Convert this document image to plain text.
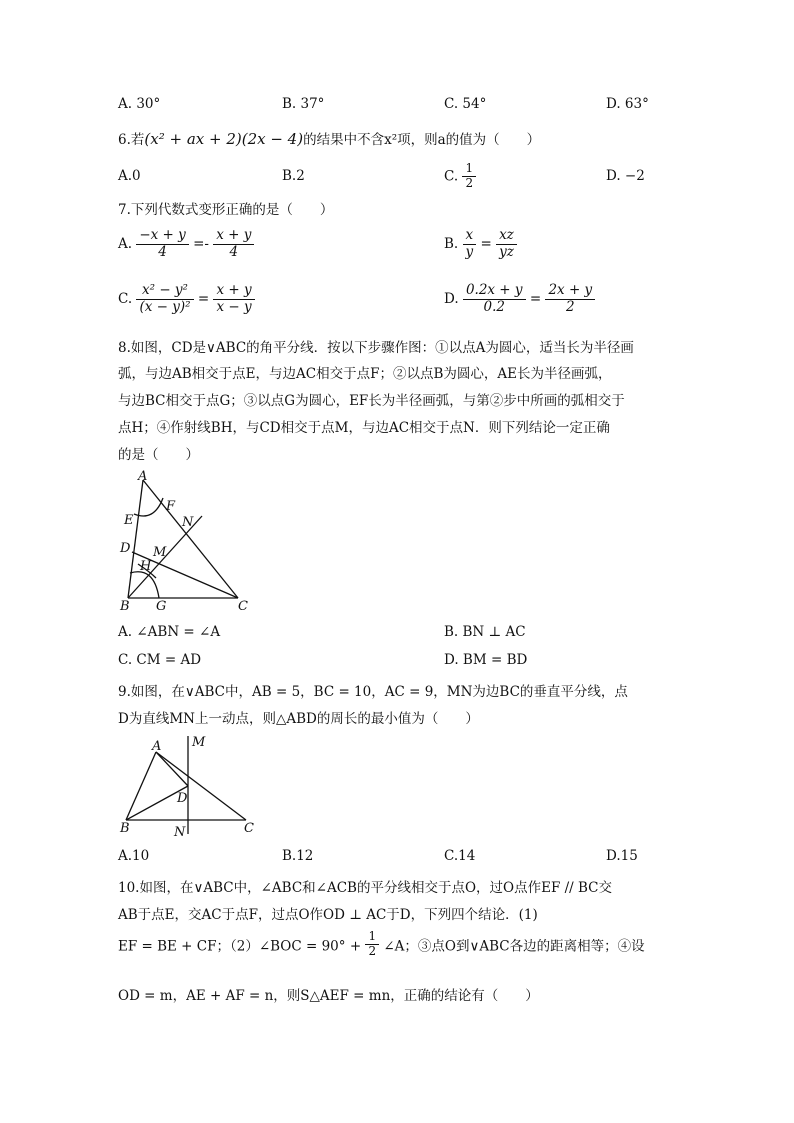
A. 30°	B. 37°	C. 54°	D. 63°
6.若(x² + ax + 2)(2x − 4)的结果中不含x²项，则a的值为（　　）
A.0	B.2	C. $\frac{1}{2}$	D. −2
7.下列代数式变形正确的是（　　）
A. $\frac{-x + y}{4} =- \frac{x + y}{4}$	B. $\frac{x}{y} = \frac{xz}{yz}$
C. $\frac{\text{x² − y²}}{\text{(x − y)²}} = \frac{x + y}{x - y}$	D. $\frac{0.2x + y}{0.2} = \frac{2x + y}{2}$
8.如图，CD是∨ABC的角平分线．按以下步骤作图：①以点A为圆心，适当长为半径画
弧，与边AB相交于点E，与边AC相交于点F；②以点B为圆心，AE长为半径画弧，
与边BC相交于点G；③以点G为圆心，EF长为半径画弧，与第②步中所画的弧相交于
点H；④作射线BH，与CD相交于点M，与边AC相交于点N．则下列结论一定正确
的是（　　）
A
F
E	N
D M
H
B G	C
A. ∠ABN = ∠A	B. BN ⊥ AC
C. CM = AD	D. BM = BD
9.如图，在∨ABC中，AB = 5，BC = 10，AC = 9，MN为边BC的垂直平分线，点
D为直线MN上一动点，则△ABD的周长的最小值为（　　）
A M
D
B	N	C
A.10	B.12	C.14	D.15
10.如图，在∨ABC中，∠ABC和∠ACB的平分线相交于点O，过O点作EF // BC交
AB于点E，交AC于点F，过点O作OD ⊥ AC于D，下列四个结论．(1)
EF = BE + CF；（2）∠BOC = $90^\circ + \frac{1}{2}$ ∠A；③点O到∨ABC各边的距离相等；④设
OD = m，AE + AF = n，则S△AEF = mn，正确的结论有（　　）
